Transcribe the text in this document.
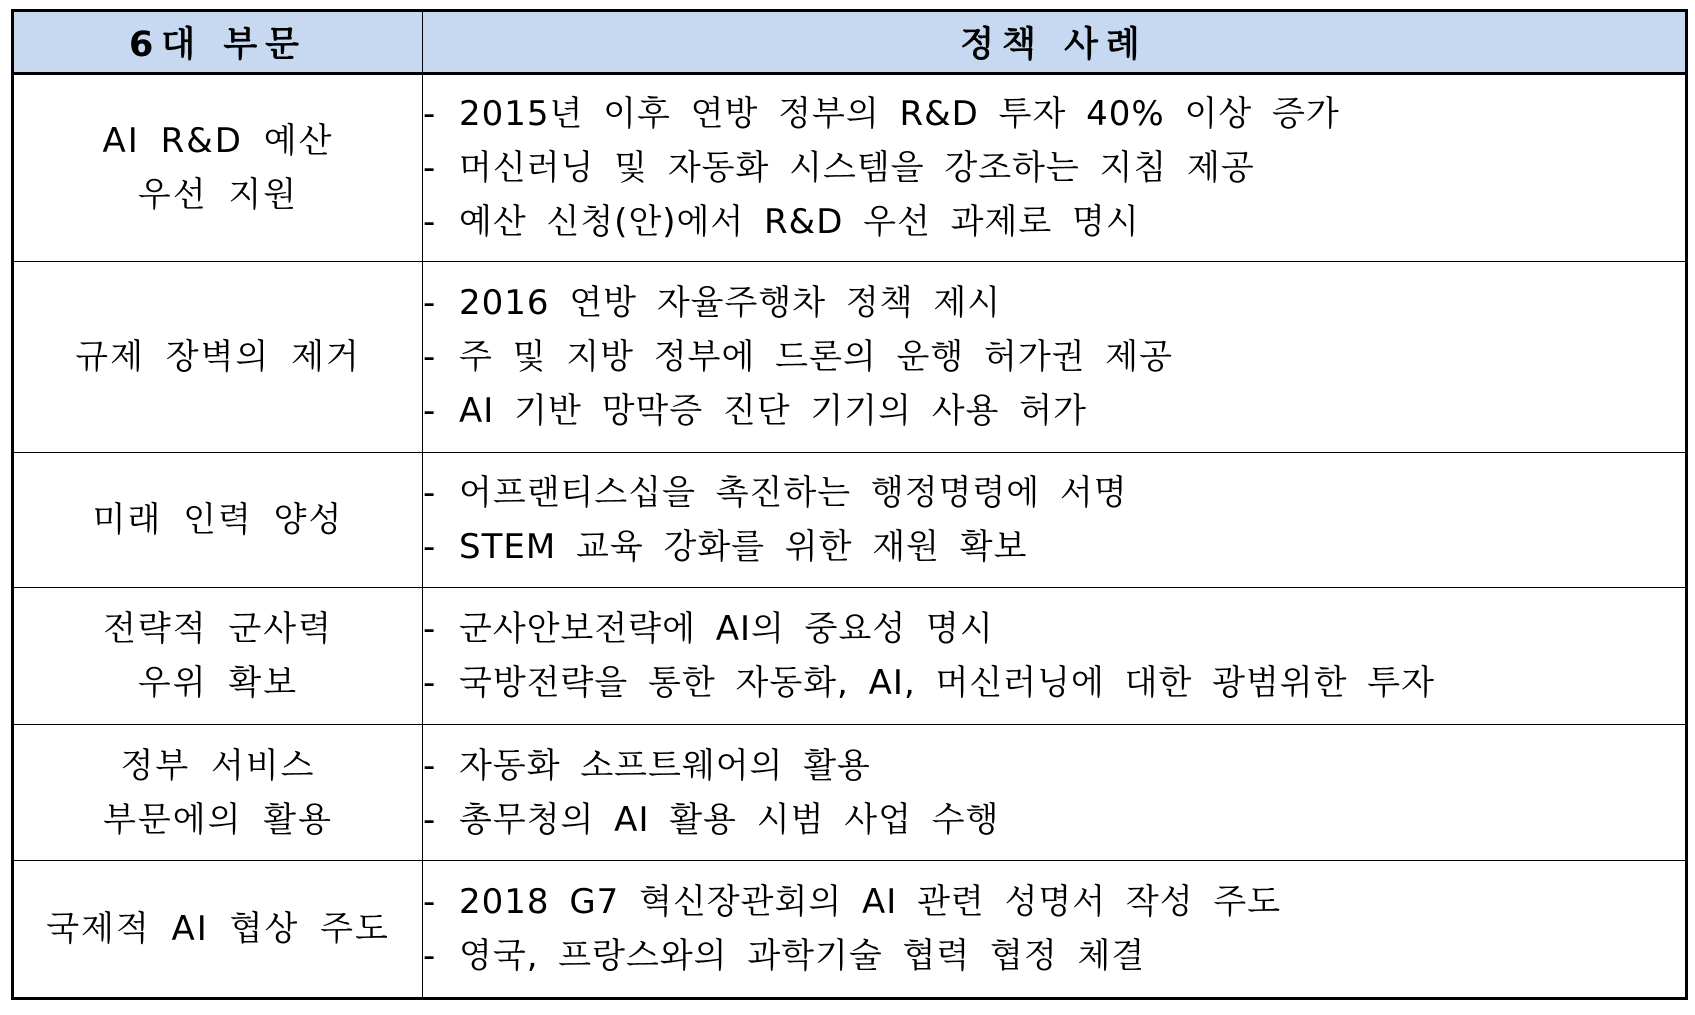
6대 부문	정책 사례

AI R&D 예산
우선 지원	- 2015년 이후 연방 정부의 R&D 투자 40% 이상 증가
- 머신러닝 및 자동화 시스템을 강조하는 지침 제공
- 예산 신청(안)에서 R&D 우선 과제로 명시

규제 장벽의 제거	- 2016 연방 자율주행차 정책 제시
- 주 및 지방 정부에 드론의 운행 허가권 제공
- AI 기반 망막증 진단 기기의 사용 허가

미래 인력 양성	- 어프랜티스십을 촉진하는 행정명령에 서명
- STEM 교육 강화를 위한 재원 확보

전략적 군사력
우위 확보	- 군사안보전략에 AI의 중요성 명시
- 국방전략을 통한 자동화, AI, 머신러닝에 대한 광범위한 투자

정부 서비스
부문에의 활용	- 자동화 소프트웨어의 활용
- 총무청의 AI 활용 시범 사업 수행

국제적 AI 협상 주도	- 2018 G7 혁신장관회의 AI 관련 성명서 작성 주도
- 영국, 프랑스와의 과학기술 협력 협정 체결
